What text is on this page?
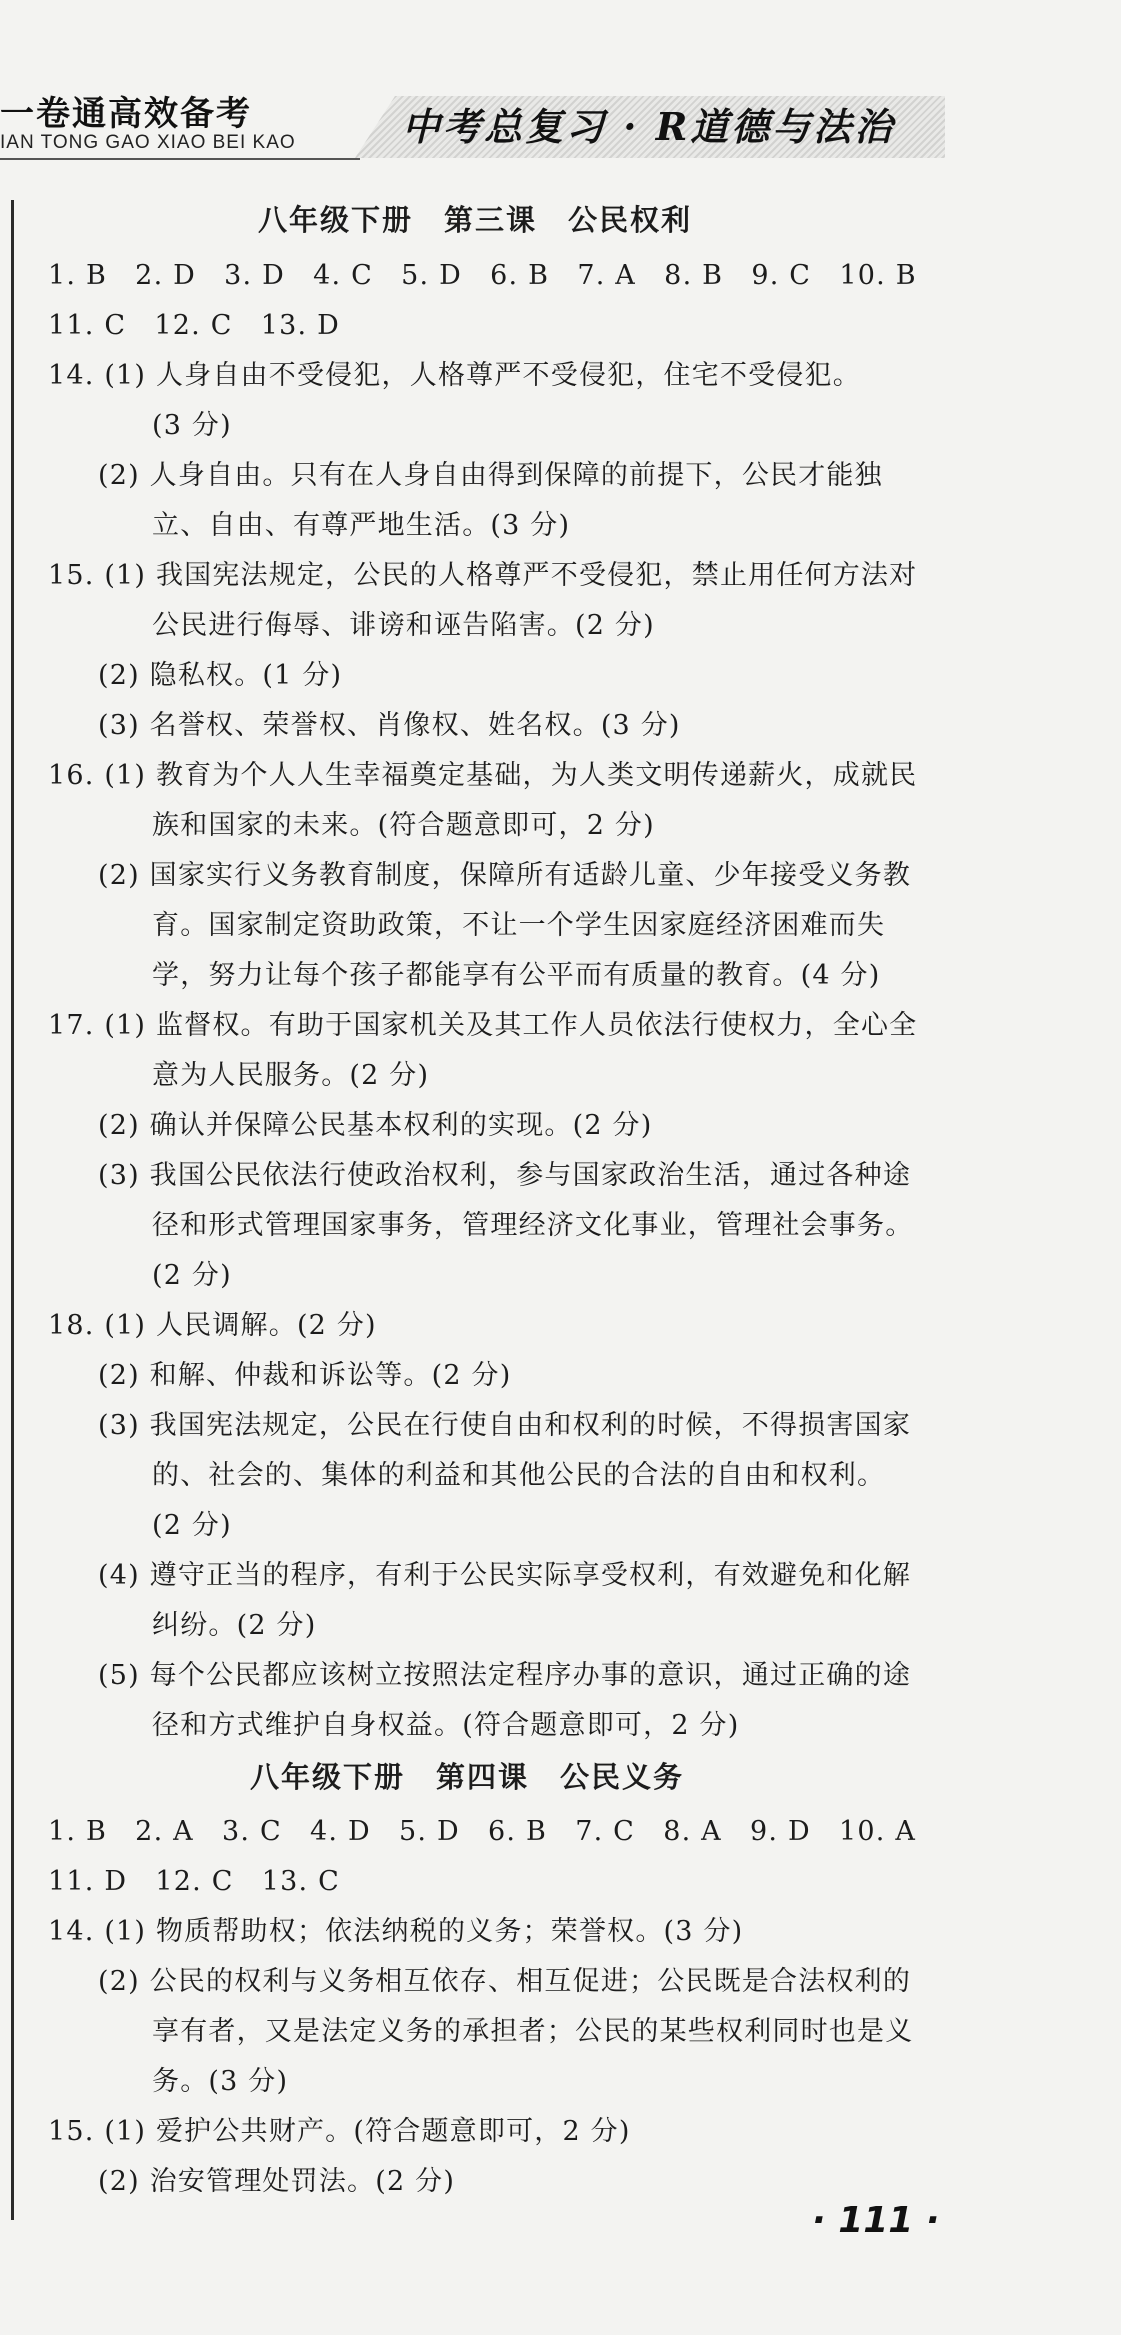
一卷通高效备考
IAN TONG GAO XIAO BEI KAO	中考总复习 · R道德与法治
八年级下册　第三课　公民权利
1. B　2. D　3. D　4. C　5. D　6. B　7. A　8. B　9. C　10. B
11. C　12. C　13. D
14. (1) 人身自由不受侵犯，人格尊严不受侵犯，住宅不受侵犯。
(3 分)
(2) 人身自由。只有在人身自由得到保障的前提下，公民才能独
立、自由、有尊严地生活。(3 分)
15. (1) 我国宪法规定，公民的人格尊严不受侵犯，禁止用任何方法对
公民进行侮辱、诽谤和诬告陷害。(2 分)
(2) 隐私权。(1 分)
(3) 名誉权、荣誉权、肖像权、姓名权。(3 分)
16. (1) 教育为个人人生幸福奠定基础，为人类文明传递薪火，成就民
族和国家的未来。(符合题意即可，2 分)
(2) 国家实行义务教育制度，保障所有适龄儿童、少年接受义务教
育。国家制定资助政策，不让一个学生因家庭经济困难而失
学，努力让每个孩子都能享有公平而有质量的教育。(4 分)
17. (1) 监督权。有助于国家机关及其工作人员依法行使权力，全心全
意为人民服务。(2 分)
(2) 确认并保障公民基本权利的实现。(2 分)
(3) 我国公民依法行使政治权利，参与国家政治生活，通过各种途
径和形式管理国家事务，管理经济文化事业，管理社会事务。
(2 分)
18. (1) 人民调解。(2 分)
(2) 和解、仲裁和诉讼等。(2 分)
(3) 我国宪法规定，公民在行使自由和权利的时候，不得损害国家
的、社会的、集体的利益和其他公民的合法的自由和权利。
(2 分)
(4) 遵守正当的程序，有利于公民实际享受权利，有效避免和化解
纠纷。(2 分)
(5) 每个公民都应该树立按照法定程序办事的意识，通过正确的途
径和方式维护自身权益。(符合题意即可，2 分)
八年级下册　第四课　公民义务
1. B　2. A　3. C　4. D　5. D　6. B　7. C　8. A　9. D　10. A
11. D　12. C　13. C
14. (1) 物质帮助权；依法纳税的义务；荣誉权。(3 分)
(2) 公民的权利与义务相互依存、相互促进；公民既是合法权利的
享有者，又是法定义务的承担者；公民的某些权利同时也是义
务。(3 分)
15. (1) 爱护公共财产。(符合题意即可，2 分)
(2) 治安管理处罚法。(2 分)
· 111 ·
